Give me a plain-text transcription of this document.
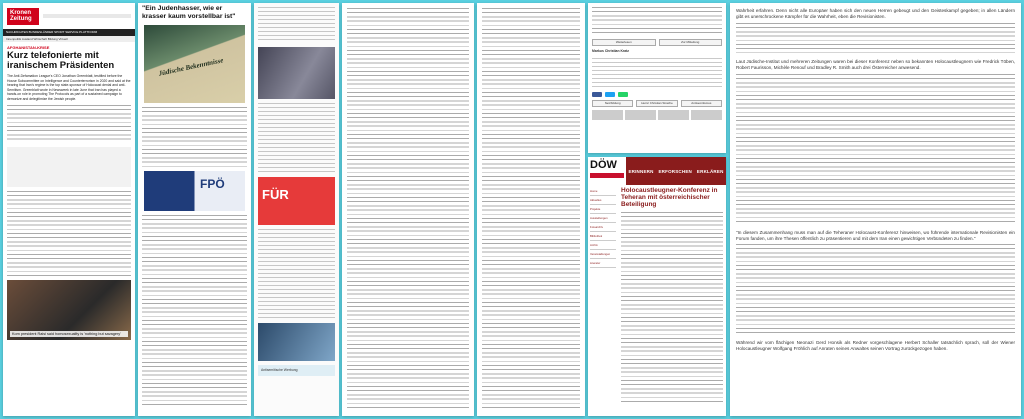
Kronen Zeitung
NACHRICHTEN BUNDESLÄNDER SPORT SERVICE PLATTFORM
Innenpolitik Ausland Wirtschaft Bildung Virtuell
AFGHANISTAN-KRISE
Kurz telefonierte mit iranischem Präsidenten
The Anti-Defamation League's CEO Jonathan Greenblatt, testified before the House Subcommittee on Intelligence and Counterterrorism in 2020 and said at the hearing that Iran's regime is the top state-sponsor of Holocaust denial and anti-Semitism. Greenblatt wrote in Newsweek in late June that Iran has played a hands-on role in promoting The Protocols as part of a sustained campaign to demonize and delegitimize the Jewish people.
Kom president Raisi said homosexuality is 'nothing but savagery'
"Ein Judenhasser, wie er krasser kaum vorstellbar ist"
Jüdische Bekenntnisse
FPÖ
FÜR
Antisemitische Werbung
Weiterlesen	Zur Mitteilung
Markus Christian Kratz
Netzbildung	Heinz Christian Strache	Antisemitismus
DÖW	ERINNERN ERFORSCHEN ERKLÄREN
Home
Aktuelles
Projekte
Ausstellungen
Fotoarchiv
Bibliothek
Archiv
Veranstaltungen
Literatur
Holocaustleugner-Konferenz in Teheran mit österreichischer Beteiligung
Wahrheit erfahren. Denn nicht alle Europäer haben sich den neuen Herren gebeugt und den Geisteskampf gegeben; in allen Ländern gibt es unerschrockene Kämpfer für die Wahrheit, eben die Revisionisten.
Laut Jüdische-Institut und mehreren Zeitungen waren bei dieser Konferenz neben so bekannten Holocaustleugnern wie Fredrick Töben, Robert Faurisson, Michèle Renouf und Bradley R. Smith auch drei Österreicher anwesend.
"In diesem Zusammenhang muss man auf die Teheraner Holocaust-Konferenz hinweisen, wo führende internationale Revisionisten ein Forum fanden, um ihre Thesen öffentlich zu präsentieren und mit dem Iran einen gewichtigen Verbündeten zu finden."
Während wir vom flächigen Neonazi Gerd Honsik als Redner vorgeschlagene Herbert Schaller tatsächlich sprach, soll der Wiener Holocaustleugner Wolfgang Fröhlich auf Anraten seines Anwaltes seinen Vortrag zurückgezogen haben.
